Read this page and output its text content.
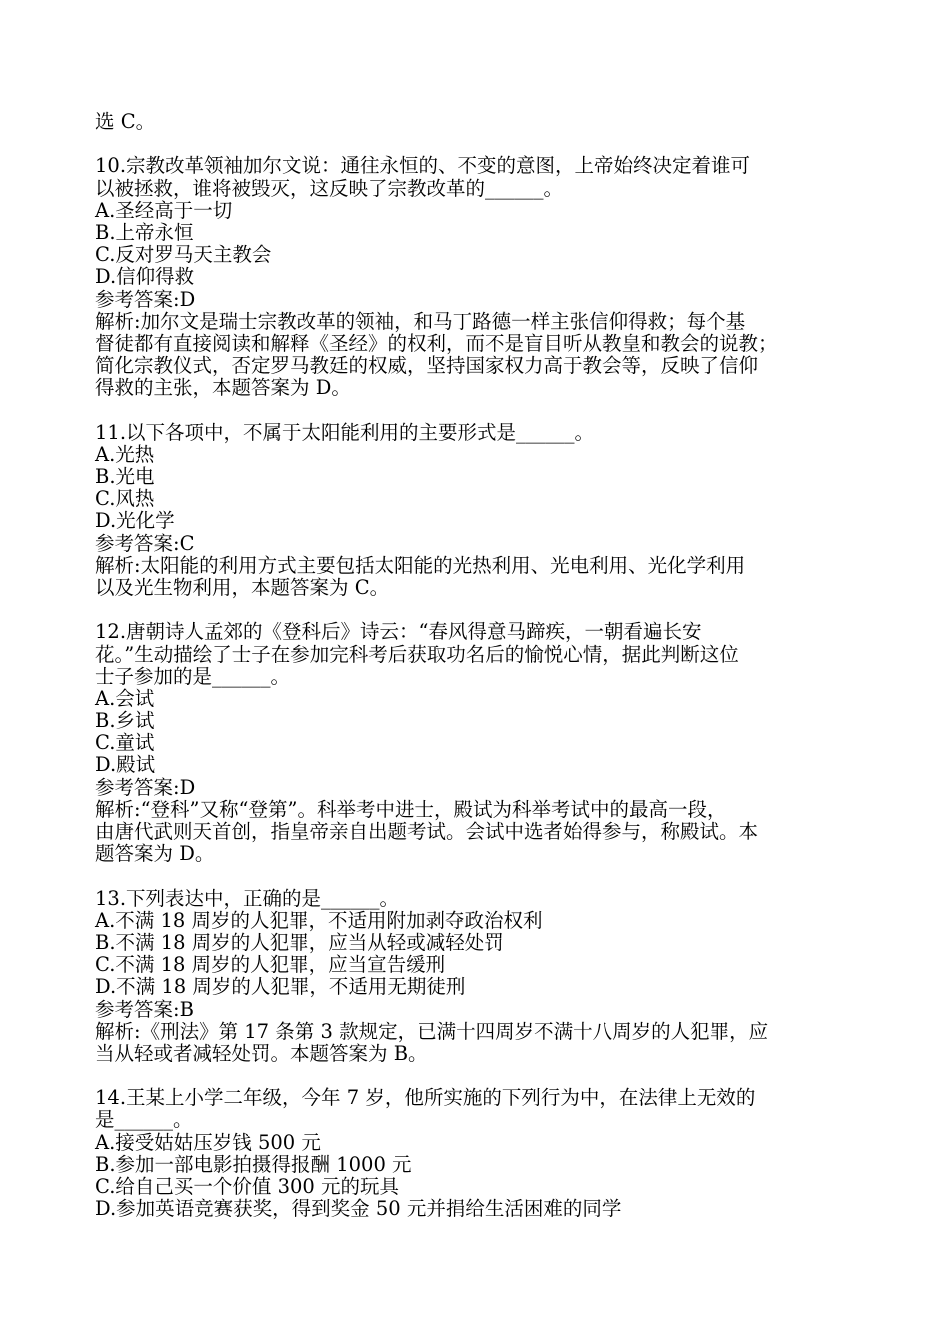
选 C。
10.宗教改革领袖加尔文说：通往永恒的、不变的意图，上帝始终决定着谁可
以被拯救，谁将被毁灭，这反映了宗教改革的______。
A.圣经高于一切
B.上帝永恒
C.反对罗马天主教会
D.信仰得救
参考答案:D
解析:加尔文是瑞士宗教改革的领袖，和马丁路德一样主张信仰得救；每个基
督徒都有直接阅读和解释《圣经》的权利，而不是盲目听从教皇和教会的说教；
简化宗教仪式，否定罗马教廷的权威，坚持国家权力高于教会等，反映了信仰
得救的主张，本题答案为 D。
11.以下各项中，不属于太阳能利用的主要形式是______。
A.光热
B.光电
C.风热
D.光化学
参考答案:C
解析:太阳能的利用方式主要包括太阳能的光热利用、光电利用、光化学利用
以及光生物利用，本题答案为 C。
12.唐朝诗人孟郊的《登科后》诗云：“春风得意马蹄疾，一朝看遍长安
花。”生动描绘了士子在参加完科考后获取功名后的愉悦心情，据此判断这位
士子参加的是______。
A.会试
B.乡试
C.童试
D.殿试
参考答案:D
解析:“登科”又称“登第”。科举考中进士，殿试为科举考试中的最高一段，
由唐代武则天首创，指皇帝亲自出题考试。会试中选者始得参与，称殿试。本
题答案为 D。
13.下列表达中，正确的是______。
A.不满 18 周岁的人犯罪，不适用附加剥夺政治权利
B.不满 18 周岁的人犯罪，应当从轻或减轻处罚
C.不满 18 周岁的人犯罪，应当宣告缓刑
D.不满 18 周岁的人犯罪，不适用无期徒刑
参考答案:B
解析:《刑法》第 17 条第 3 款规定，已满十四周岁不满十八周岁的人犯罪，应
当从轻或者减轻处罚。本题答案为 B。
14.王某上小学二年级，今年 7 岁，他所实施的下列行为中，在法律上无效的
是______。
A.接受姑姑压岁钱 500 元
B.参加一部电影拍摄得报酬 1000 元
C.给自己买一个价值 300 元的玩具
D.参加英语竞赛获奖，得到奖金 50 元并捐给生活困难的同学
